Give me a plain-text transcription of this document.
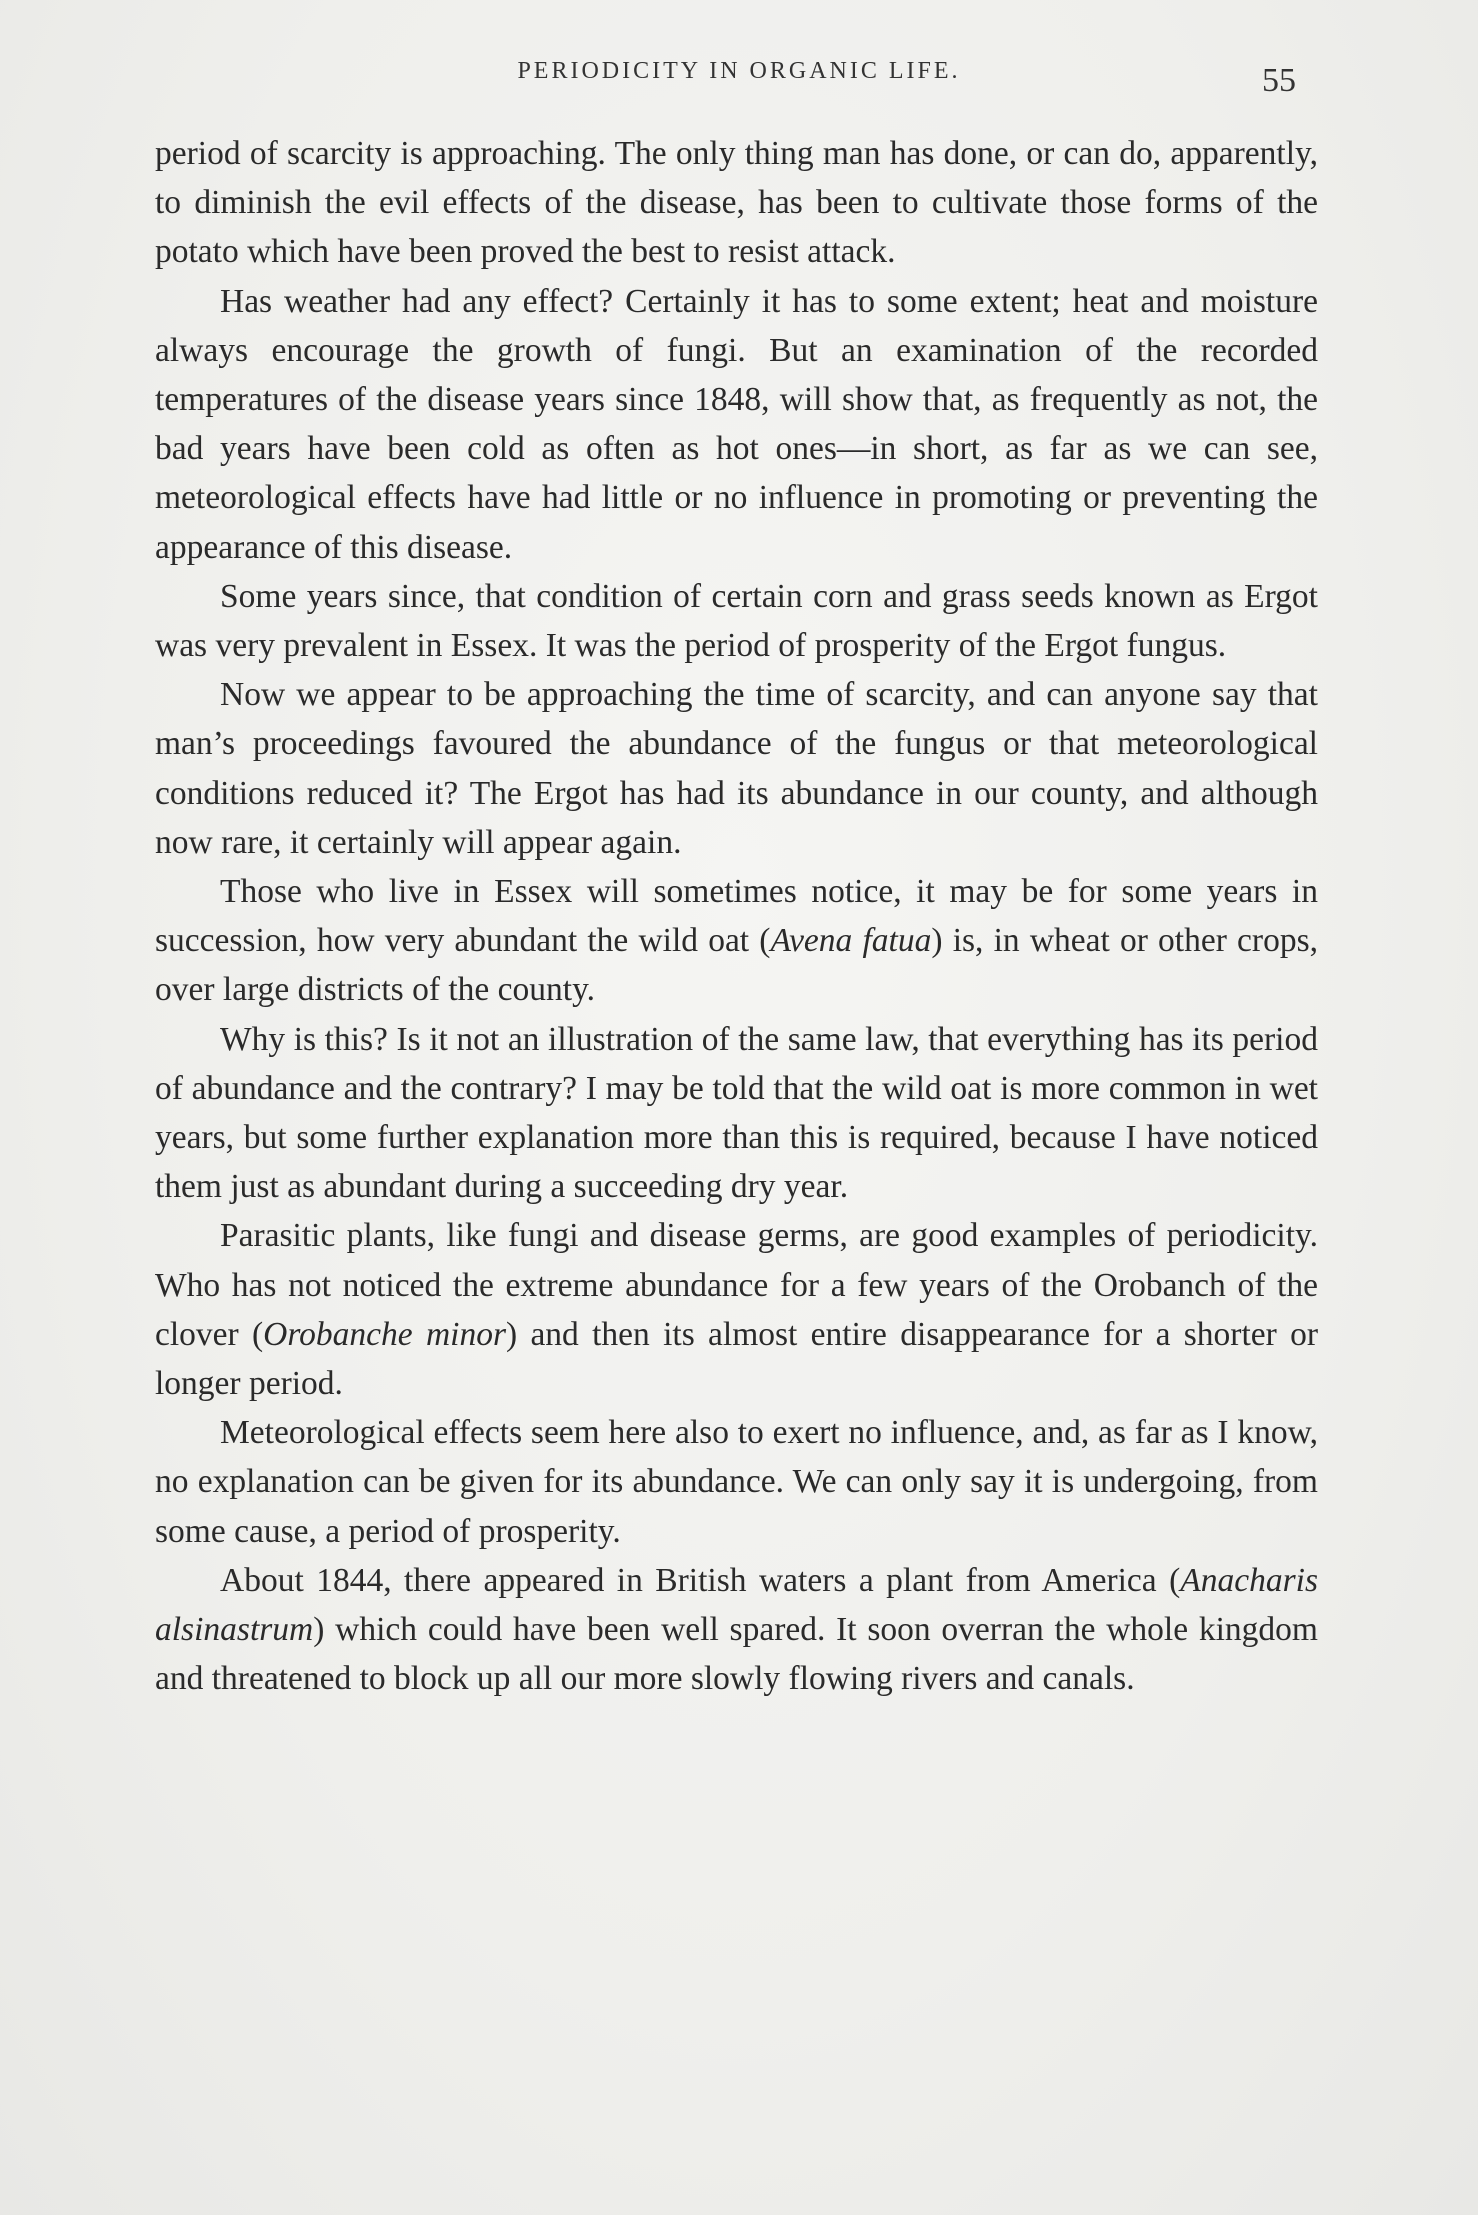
PERIODICITY IN ORGANIC LIFE.	55

period of scarcity is approaching. The only thing man has done, or can do, apparently, to diminish the evil effects of the disease, has been to cultivate those forms of the potato which have been proved the best to resist attack.

Has weather had any effect? Certainly it has to some extent; heat and moisture always encourage the growth of fungi. But an examination of the recorded temperatures of the disease years since 1848, will show that, as frequently as not, the bad years have been cold as often as hot ones—in short, as far as we can see, meteorological effects have had little or no influence in promoting or preventing the appearance of this disease.

Some years since, that condition of certain corn and grass seeds known as Ergot was very prevalent in Essex. It was the period of prosperity of the Ergot fungus.

Now we appear to be approaching the time of scarcity, and can anyone say that man’s proceedings favoured the abundance of the fungus or that meteorological conditions reduced it? The Ergot has had its abundance in our county, and although now rare, it certainly will appear again.

Those who live in Essex will sometimes notice, it may be for some years in succession, how very abundant the wild oat (Avena fatua) is, in wheat or other crops, over large districts of the county.

Why is this? Is it not an illustration of the same law, that everything has its period of abundance and the contrary? I may be told that the wild oat is more common in wet years, but some further explanation more than this is required, because I have noticed them just as abundant during a succeeding dry year.

Parasitic plants, like fungi and disease germs, are good examples of periodicity. Who has not noticed the extreme abundance for a few years of the Orobanch of the clover (Orobanche minor) and then its almost entire disappearance for a shorter or longer period.

Meteorological effects seem here also to exert no influence, and, as far as I know, no explanation can be given for its abundance. We can only say it is undergoing, from some cause, a period of prosperity.

About 1844, there appeared in British waters a plant from America (Anacharis alsinastrum) which could have been well spared. It soon overran the whole kingdom and threatened to block up all our more slowly flowing rivers and canals.
